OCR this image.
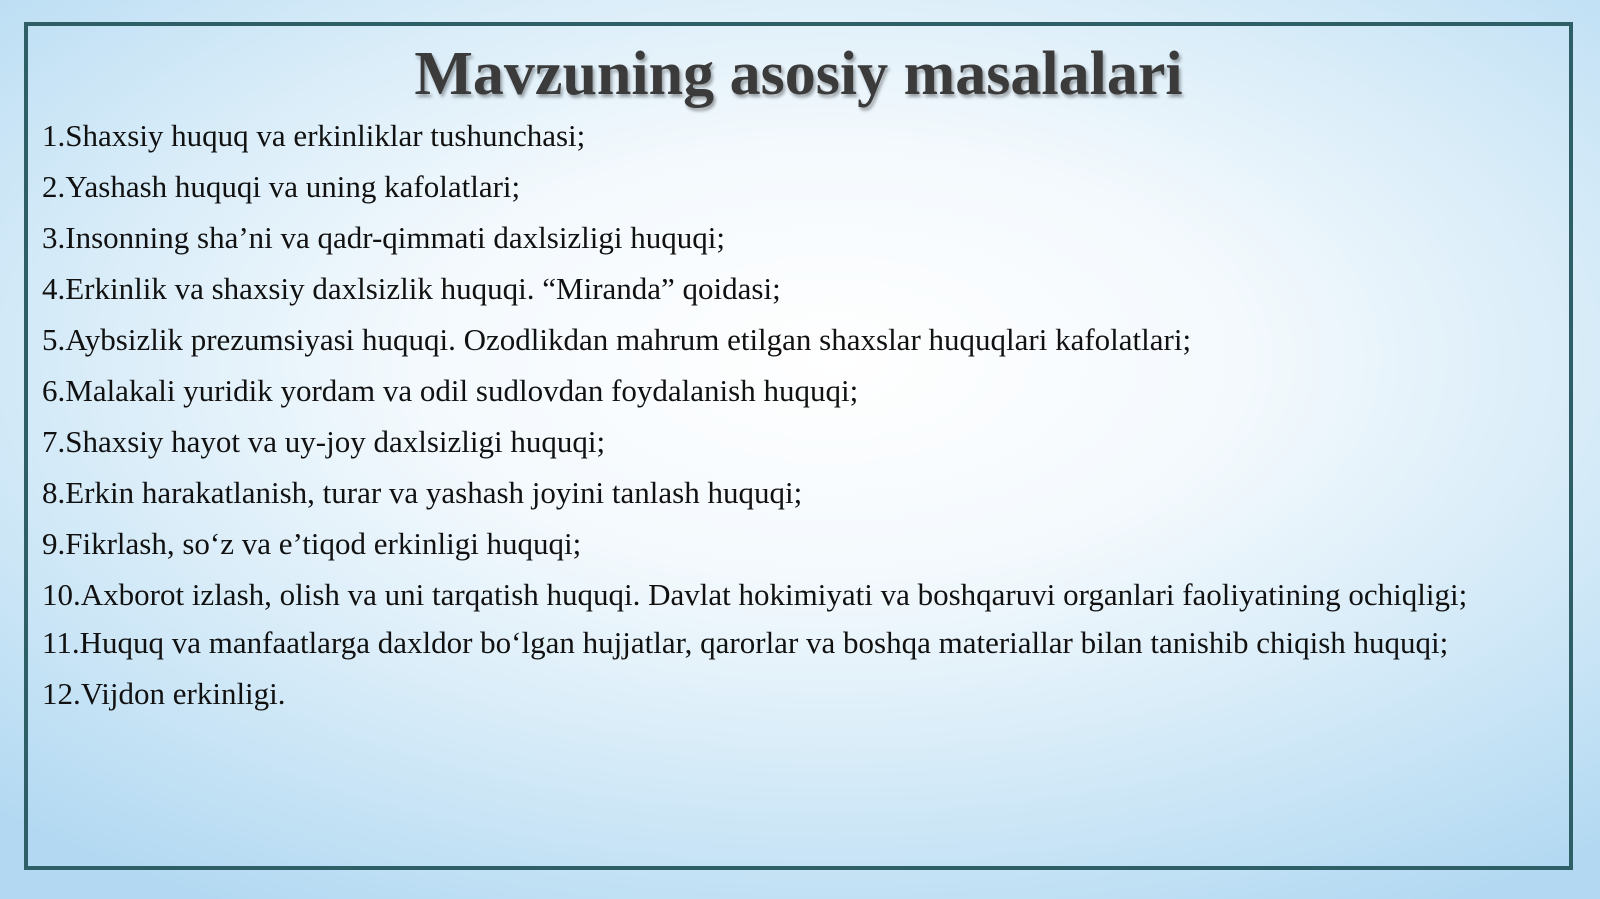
Mavzuning asosiy masalalari
1.Shaxsiy huquq va erkinliklar tushunchasi;
2.Yashash huquqi va uning kafolatlari;
3.Insonning sha’ni va qadr-qimmati daxlsizligi huquqi;
4.Erkinlik va shaxsiy daxlsizlik huquqi. “Miranda” qoidasi;
5.Aybsizlik prezumsiyasi huquqi. Ozodlikdan mahrum etilgan shaxslar huquqlari kafolatlari;
6.Malakali yuridik yordam va odil sudlovdan foydalanish huquqi;
7.Shaxsiy hayot va uy-joy daxlsizligi huquqi;
8.Erkin harakatlanish, turar va yashash joyini tanlash huquqi;
9.Fikrlash, so‘z va e’tiqod erkinligi huquqi;
10.Axborot izlash, olish va uni tarqatish huquqi. Davlat hokimiyati va boshqaruvi organlari faoliyatining ochiqligi;
11.Huquq va manfaatlarga daxldor bo‘lgan hujjatlar, qarorlar va boshqa materiallar bilan tanishib chiqish huquqi;
12.Vijdon erkinligi.
